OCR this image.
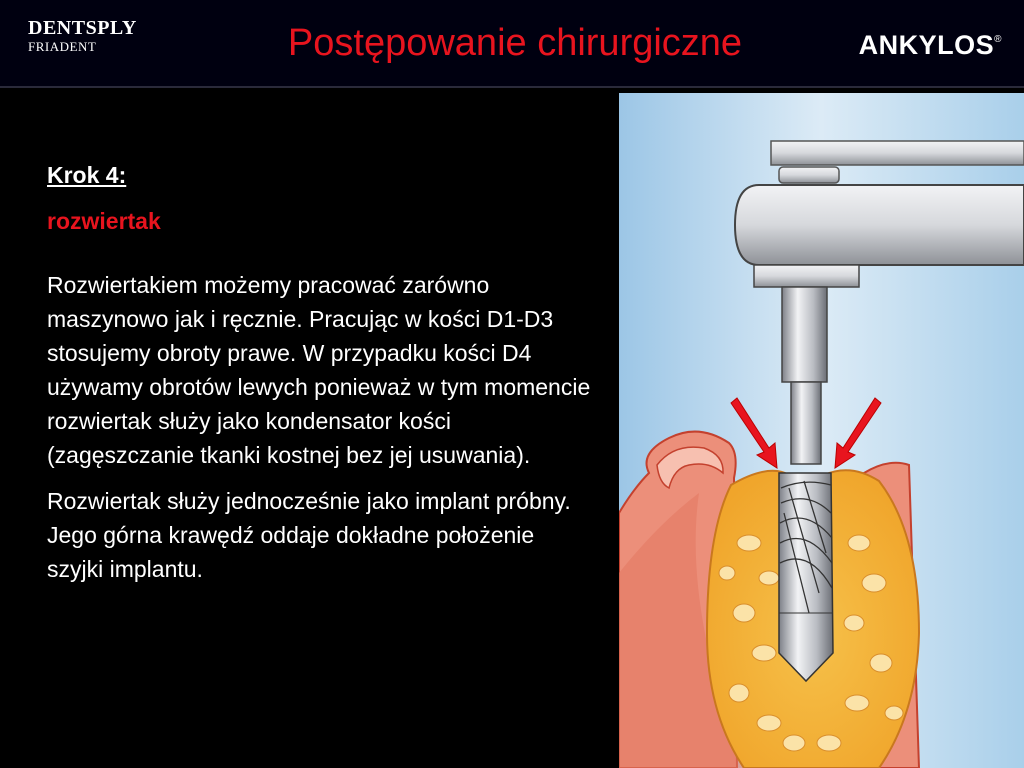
DENTSPLY
FRIADENT	Postępowanie chirurgiczne	ANKYLOS®
Krok 4:
rozwiertak
Rozwiertakiem możemy pracować zarówno maszynowo jak i ręcznie. Pracując w kości D1-D3 stosujemy obroty prawe. W przypadku kości D4 używamy obrotów lewych ponieważ w tym momencie rozwiertak służy jako kondensator kości (zagęszczanie tkanki kostnej bez jej usuwania).
Rozwiertak służy jednocześnie jako implant próbny. Jego górna krawędź oddaje dokładne położenie szyjki implantu.
